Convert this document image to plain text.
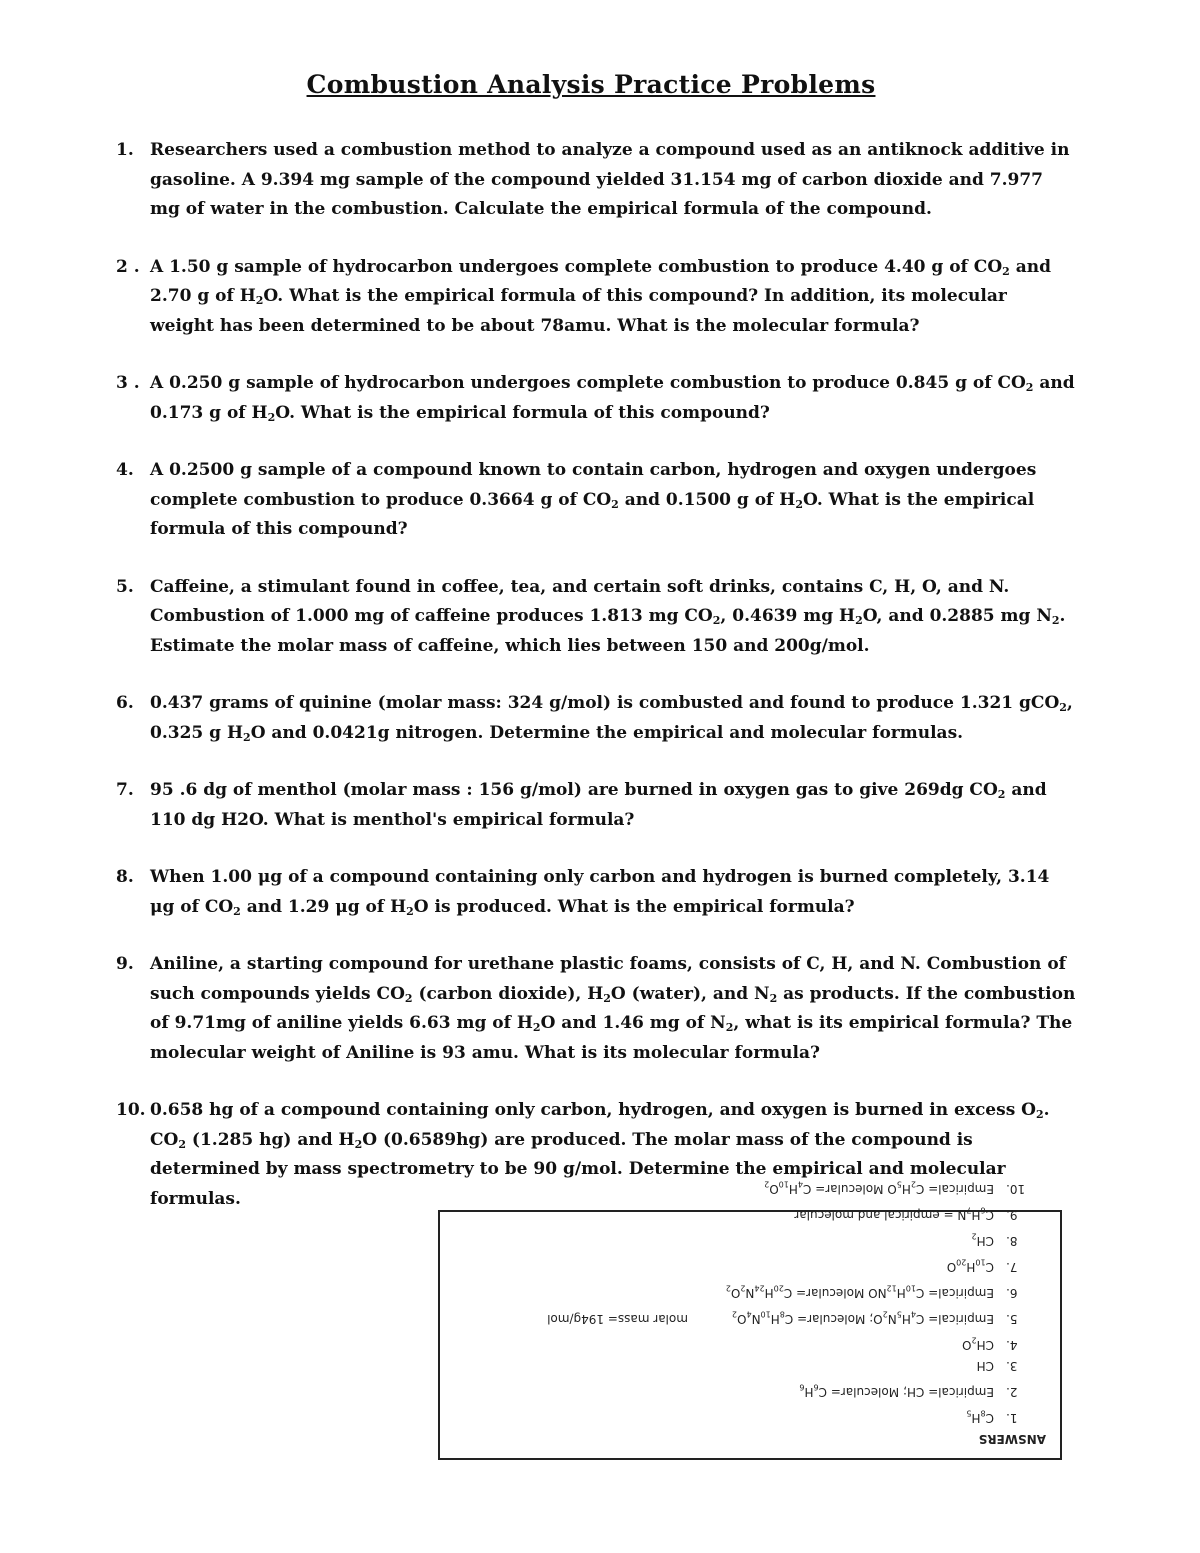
Combustion Analysis Practice Problems
1. Researchers used a combustion method to analyze a compound used as an antiknock additive in gasoline. A 9.394 mg sample of the compound yielded 31.154 mg of carbon dioxide and 7.977 mg of water in the combustion. Calculate the empirical formula of the compound.
2 . A 1.50 g sample of hydrocarbon undergoes complete combustion to produce 4.40 g of $CO_2$ and 2.70 g of $H_2O$. What is the empirical formula of this compound? In addition, its molecular weight has been determined to be about 78amu. What is the molecular formula?
3 . A 0.250 g sample of hydrocarbon undergoes complete combustion to produce 0.845 g of $CO_2$ and 0.173 g of $H_2O$. What is the empirical formula of this compound?
4. A 0.2500 g sample of a compound known to contain carbon, hydrogen and oxygen undergoes complete combustion to produce 0.3664 g of $CO_2$ and 0.1500 g of $H_2O$. What is the empirical formula of this compound?
5. Caffeine, a stimulant found in coffee, tea, and certain soft drinks, contains C, H, O, and N. Combustion of 1.000 mg of caffeine produces 1.813 mg $CO_2$, 0.4639 mg $H_2O$, and 0.2885 mg $N_2$. Estimate the molar mass of caffeine, which lies between 150 and 200g/mol.
6. 0.437 grams of quinine (molar mass: 324 g/mol) is combusted and found to produce 1.321 gCO$_2$, 0.325 g $H_2O$ and 0.0421g nitrogen. Determine the empirical and molecular formulas.
7. 95 .6 dg of menthol (molar mass : 156 g/mol) are burned in oxygen gas to give 269dg $CO_2$ and 110 dg H2O. What is menthol's empirical formula?
8. When 1.00 μg of a compound containing only carbon and hydrogen is burned completely, 3.14 μg of $CO_2$ and 1.29 μg of $H_2O$ is produced. What is the empirical formula?
9. Aniline, a starting compound for urethane plastic foams, consists of C, H, and N. Combustion of such compounds yields $CO_2$ (carbon dioxide), $H_2O$ (water), and $N_2$ as products. If the combustion of 9.71mg of aniline yields 6.63 mg of $H_2O$ and 1.46 mg of $N_2$, what is its empirical formula? The molecular weight of Aniline is 93 amu. What is its molecular formula?
10. 0.658 hg of a compound containing only carbon, hydrogen, and oxygen is burned in excess $O_2$. $CO_2$ (1.285 hg) and $H_2O$ (0.6589hg) are produced. The molar mass of the compound is determined by mass spectrometry to be 90 g/mol. Determine the empirical and molecular formulas.
ANSWERS
1.
$C_8H_5$
2.
Empirical= CH; Molecular= $C_6H_6$
3.
CH
4.
$CH_2O$
5.
Empirical= $C_4H_5N_2O$; Molecular= $C_8H_{10}N_4O_2$
molar mass= 194g/mol
6.
Empirical= $C_{10}H_{12}NO$ Molecular= $C_{20}H_{24}N_2O_2$
7.
$C_{10}H_{20}O$
8.
$CH_2$
9.
$C_6H_7N$ = empirical and molecular
10.
Empirical= $C_2H_5O$ Molecular= $C_4H_{10}O_2$
